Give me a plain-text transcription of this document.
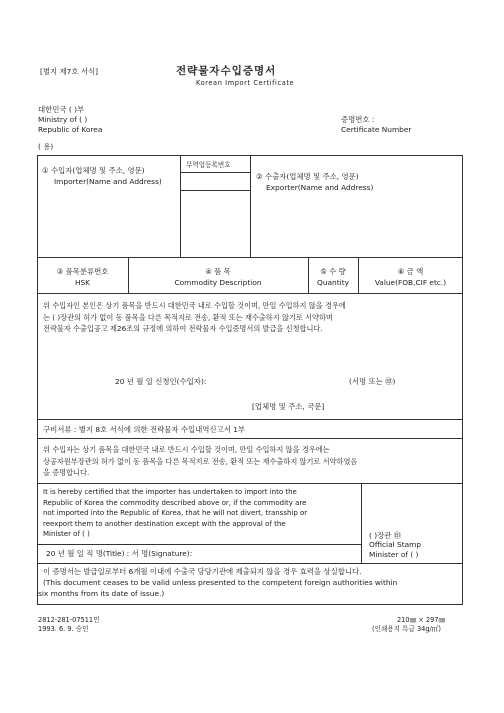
[별지 제7호 서식]	전략물자수입증명서
Korean Import Certificate
대한민국 ( )부
Ministry of ( )
Republic of Korea
( 용)
증명번호 :
Certificate Number
① 수입자(업체명 및 주소, 영문)
Importer(Name and Address)
무역업등록번호
② 수출자(업체명 및 주소, 영문)
Exporter(Name and Address)
③ 품목분류번호
HSK
④ 품 목
Commodity Description
⑤ 수 량
Quantity
⑥ 금 액
Value(FOB,CIF etc.)
위 수입자인 본인은 상기 품목을 반드시 대한민국 내로 수입할 것이며, 만일 수입하지 않을 경우에
는 ( )장관의 허가 없이 동 품목을 다른 목적지로 전송, 환적 또는 재수출하지 않기로 서약하며
전략물자 수출입공고 제26조의 규정에 의하여 전략물자 수입증명서의 발급을 신청합니다.
20 년 월 일 신청인(수입자):	(서명 또는 ㊞)
[업체명 및 주소, 국문]
구비서류 : 별지 8호 서식에 의한 전략물자 수입내역신고서 1부
위 수입자는 상기 품목을 대한민국 내로 반드시 수입할 것이며, 만일 수입하지 않을 경우에는
상공자원부장관의 허가 없이 동 품목을 다른 목적지로 전송, 환적 또는 재수출하지 않기로 서약하였음
을 증명합니다.
It is hereby certified that the importer has undertaken to import into the
Republic of Korea the commodity described above or, if the commodity are
not imported into the Republic of Korea, that he will not divert, transship or
reexport them to another destination except with the approval of the
Minister of ( )
20 년 월 일 직 명(Title) : 서 명(Signature):
( )장관 ㊞
Official Stamp
Minister of ( )
이 증명서는 발급일로부터 6개월 이내에 수출국 담당기관에 제출되지 않을 경우 효력을 상실합니다.
(This document ceases to be valid unless presented to the competent foreign authorities within
six months from its date of issue.)
2812-281-07511민
1993. 6. 9. 승인
210㎜ × 297㎜
(인쇄용지 특급 34g/㎡)
